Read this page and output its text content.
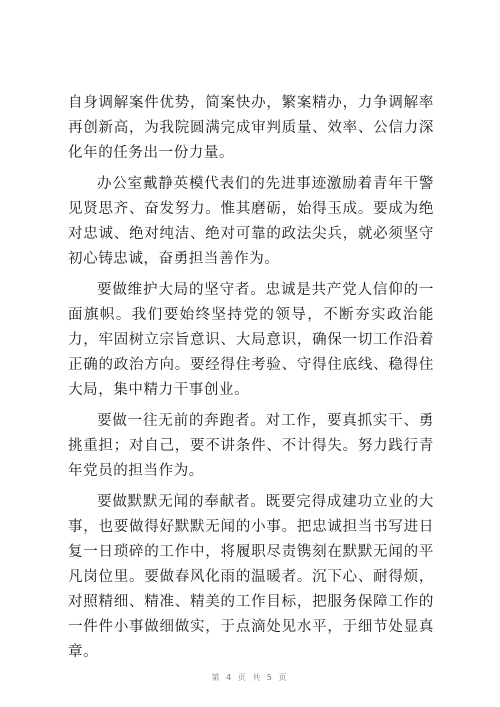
自身调解案件优势，简案快办，繁案精办，力争调解率再创新高，为我院圆满完成审判质量、效率、公信力深化年的任务出一份力量。

办公室戴静英模代表们的先进事迹激励着青年干警见贤思齐、奋发努力。惟其磨砺，始得玉成。要成为绝对忠诚、绝对纯洁、绝对可靠的政法尖兵，就必须坚守初心铸忠诚，奋勇担当善作为。

要做维护大局的坚守者。忠诚是共产党人信仰的一面旗帜。我们要始终坚持党的领导，不断夯实政治能力，牢固树立宗旨意识、大局意识，确保一切工作沿着正确的政治方向。要经得住考验、守得住底线、稳得住大局，集中精力干事创业。

要做一往无前的奔跑者。对工作，要真抓实干、勇挑重担；对自己，要不讲条件、不计得失。努力践行青年党员的担当作为。

要做默默无闻的奉献者。既要完得成建功立业的大事，也要做得好默默无闻的小事。把忠诚担当书写进日复一日琐碎的工作中，将履职尽责镌刻在默默无闻的平凡岗位里。要做春风化雨的温暖者。沉下心、耐得烦，对照精细、精准、精美的工作目标，把服务保障工作的一件件小事做细做实，于点滴处见水平，于细节处显真章。

第 4 页 共 5 页
